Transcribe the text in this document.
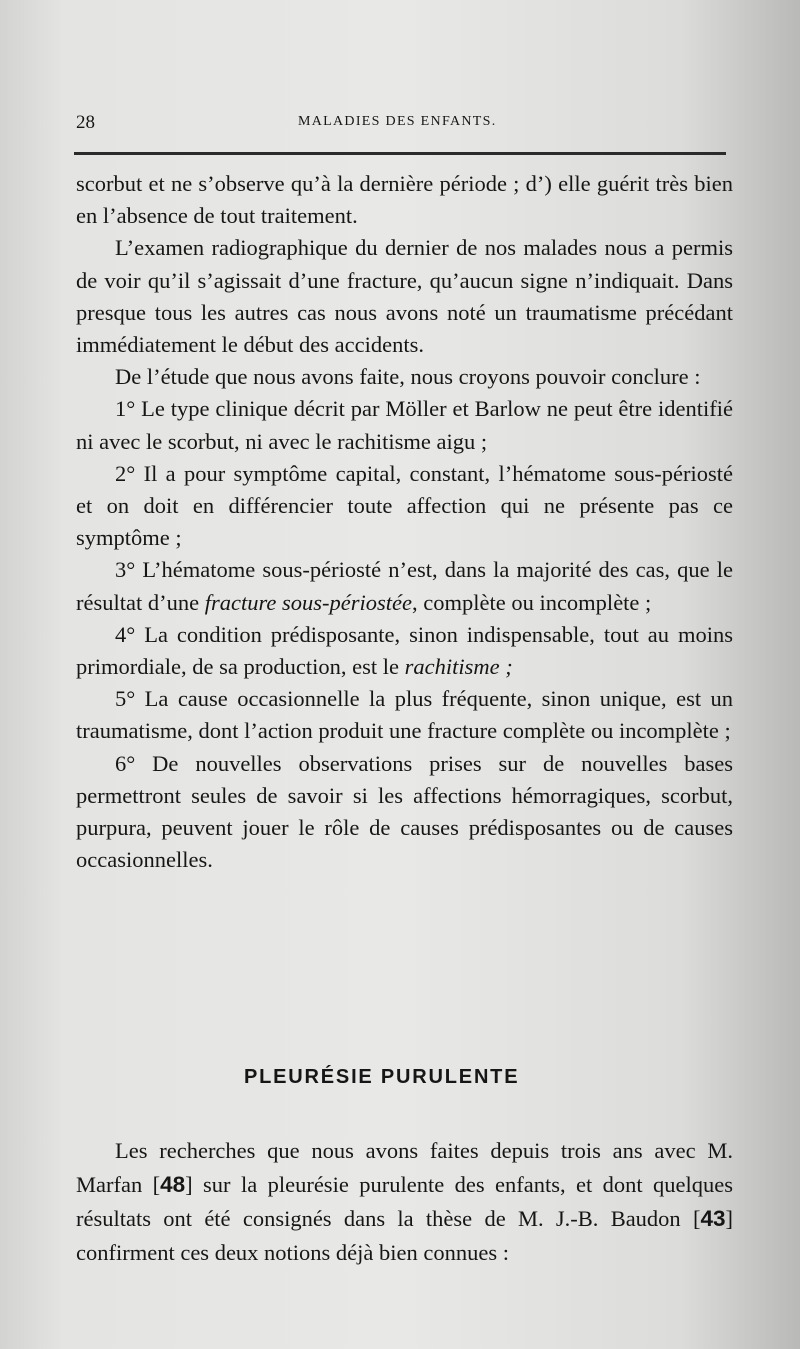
28	MALADIES DES ENFANTS.

scorbut et ne s’observe qu’à la dernière période ; d’) elle guérit très bien en l’absence de tout traitement.

L’examen radiographique du dernier de nos malades nous a permis de voir qu’il s’agissait d’une fracture, qu’aucun signe n’indiquait. Dans presque tous les autres cas nous avons noté un traumatisme précédant immédiatement le début des accidents.

De l’étude que nous avons faite, nous croyons pouvoir conclure :

1° Le type clinique décrit par Möller et Barlow ne peut être identifié ni avec le scorbut, ni avec le rachitisme aigu ;

2° Il a pour symptôme capital, constant, l’hématome sous-périosté et on doit en différencier toute affection qui ne présente pas ce symptôme ;

3° L’hématome sous-périosté n’est, dans la majorité des cas, que le résultat d’une fracture sous-périostée, complète ou incomplète ;

4° La condition prédisposante, sinon indispensable, tout au moins primordiale, de sa production, est le rachitisme ;

5° La cause occasionnelle la plus fréquente, sinon unique, est un traumatisme, dont l’action produit une fracture complète ou incomplète ;

6° De nouvelles observations prises sur de nouvelles bases permettront seules de savoir si les affections hémorragiques, scorbut, purpura, peuvent jouer le rôle de causes prédisposantes ou de causes occasionnelles.

PLEURÉSIE PURULENTE

Les recherches que nous avons faites depuis trois ans avec M. Marfan [48] sur la pleurésie purulente des enfants, et dont quelques résultats ont été consignés dans la thèse de M. J.-B. Baudon [43] confirment ces deux notions déjà bien connues :
